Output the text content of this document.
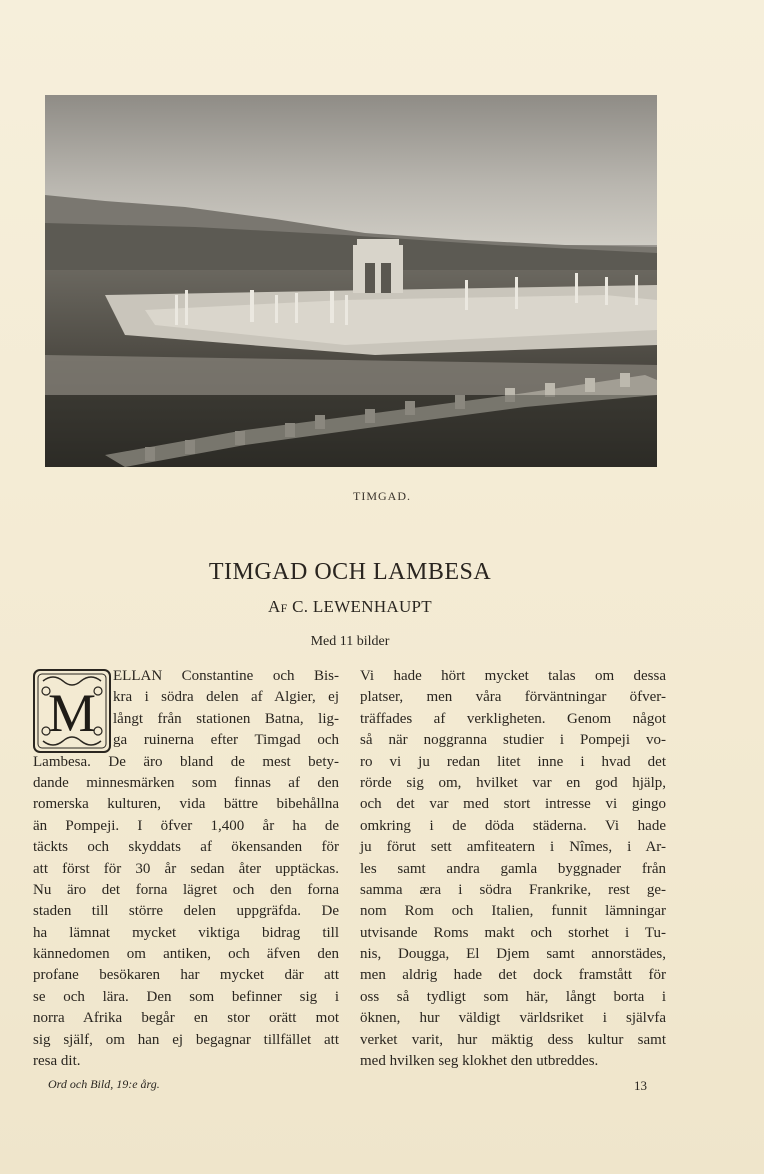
TIMGAD.
TIMGAD OCH LAMBESA
AF C. LEWENHAUPT
Med 11 bilder
M
ELLAN Constantine och Bis-
kra i södra delen af Algier, ej
långt från stationen Batna, lig-
ga ruinerna efter Timgad och
Lambesa. De äro bland de mest bety-
dande minnesmärken som finnas af den
romerska kulturen, vida bättre bibehållna
än Pompeji. I öfver 1,400 år ha de
täckts och skyddats af ökensanden för
att först för 30 år sedan åter upptäckas.
Nu äro det forna lägret och den forna
staden till större delen uppgräfda. De
ha lämnat mycket viktiga bidrag till
kännedomen om antiken, och äfven den
profane besökaren har mycket där att
se och lära. Den som befinner sig i
norra Afrika begår en stor orätt mot
sig själf, om han ej begagnar tillfället att
resa dit.
Vi hade hört mycket talas om dessa
platser, men våra förväntningar öfver-
träffades af verkligheten. Genom något
så när noggranna studier i Pompeji vo-
ro vi ju redan litet inne i hvad det
rörde sig om, hvilket var en god hjälp,
och det var med stort intresse vi gingo
omkring i de döda städerna. Vi hade
ju förut sett amfiteatern i Nîmes, i Ar-
les samt andra gamla byggnader från
samma æra i södra Frankrike, rest ge-
nom Rom och Italien, funnit lämningar
utvisande Roms makt och storhet i Tu-
nis, Dougga, El Djem samt annorstädes,
men aldrig hade det dock framstått för
oss så tydligt som här, långt borta i
öknen, hur väldigt världsriket i självfa
verket varit, hur mäktig dess kultur samt
med hvilken seg klokhet den utbreddes.
Ord och Bild, 19:e årg.	13
